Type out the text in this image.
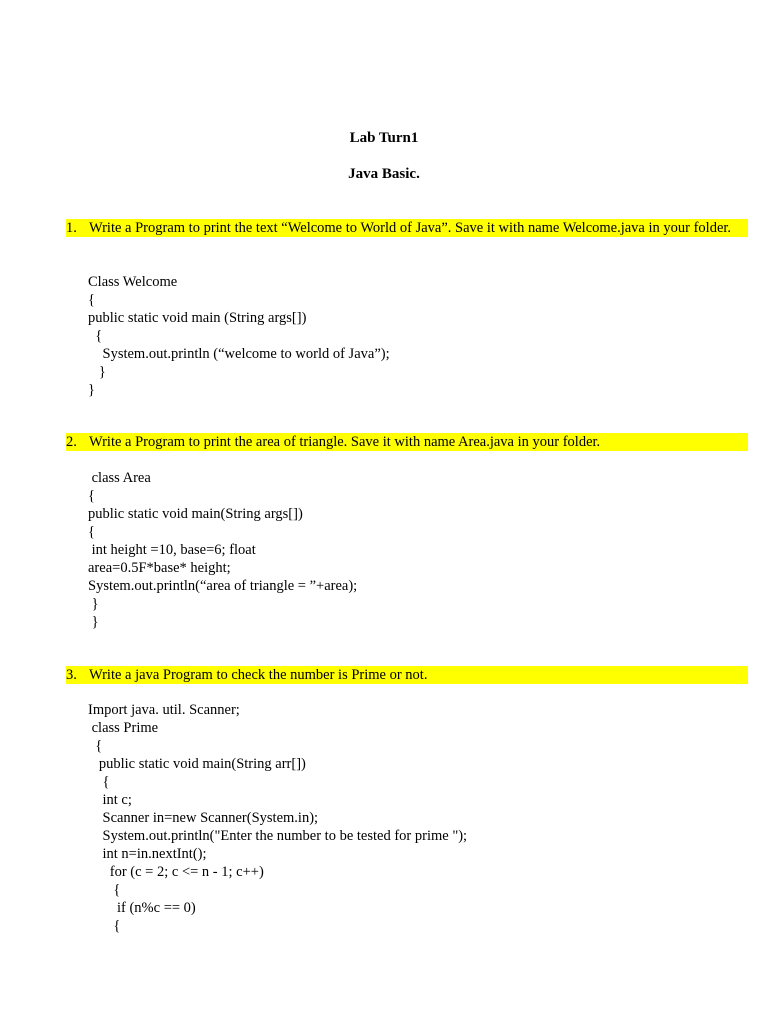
Lab Turn1
Java Basic.
1. Write a Program to print the text “Welcome to World of Java”. Save it with name Welcome.java in your folder.
Class Welcome
{
public static void main (String args[])
{
System.out.println (“welcome to world of Java”);
}
}
2. Write a Program to print the area of triangle. Save it with name Area.java in your folder.
class Area
{
public static void main(String args[])
{
int height =10, base=6; float
area=0.5F*base* height;
System.out.println(“area of triangle = ”+area);
}
}
3. Write a java Program to check the number is Prime or not.
Import java. util. Scanner;
class Prime
{
public static void main(String arr[])
{
int c;
Scanner in=new Scanner(System.in);
System.out.println("Enter the number to be tested for prime ");
int n=in.nextInt();
for (c = 2; c <= n - 1; c++)
{
if (n%c == 0)
{
